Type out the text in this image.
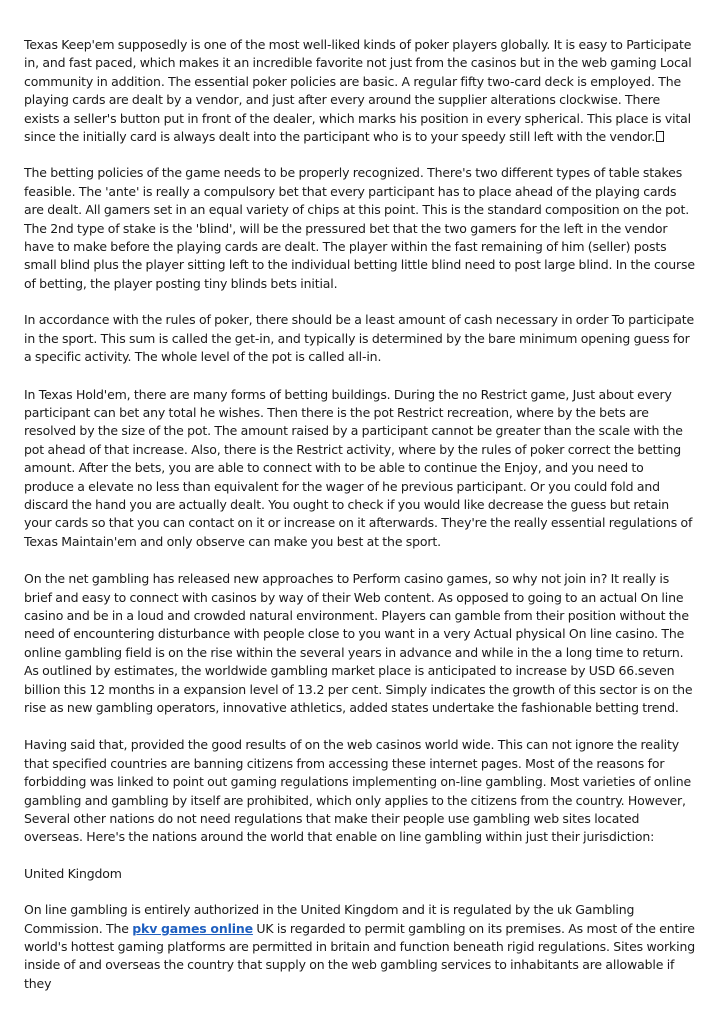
Texas Keep'em supposedly is one of the most well-liked kinds of poker players globally. It is easy to Participate in, and fast paced, which makes it an incredible favorite not just from the casinos but in the web gaming Local community in addition. The essential poker policies are basic. A regular fifty two-card deck is employed. The playing cards are dealt by a vendor, and just after every around the supplier alterations clockwise. There exists a seller's button put in front of the dealer, which marks his position in every spherical. This place is vital since the initially card is always dealt into the participant who is to your speedy still left with the vendor.

The betting policies of the game needs to be properly recognized. There's two different types of table stakes feasible. The 'ante' is really a compulsory bet that every participant has to place ahead of the playing cards are dealt. All gamers set in an equal variety of chips at this point. This is the standard composition on the pot. The 2nd type of stake is the 'blind', will be the pressured bet that the two gamers for the left in the vendor have to make before the playing cards are dealt. The player within the fast remaining of him (seller) posts small blind plus the player sitting left to the individual betting little blind need to post large blind. In the course of betting, the player posting tiny blinds bets initial.

In accordance with the rules of poker, there should be a least amount of cash necessary in order To participate in the sport. This sum is called the get-in, and typically is determined by the bare minimum opening guess for a specific activity. The whole level of the pot is called all-in.

In Texas Hold'em, there are many forms of betting buildings. During the no Restrict game, Just about every participant can bet any total he wishes. Then there is the pot Restrict recreation, where by the bets are resolved by the size of the pot. The amount raised by a participant cannot be greater than the scale with the pot ahead of that increase. Also, there is the Restrict activity, where by the rules of poker correct the betting amount. After the bets, you are able to connect with to be able to continue the Enjoy, and you need to produce a elevate no less than equivalent for the wager of he previous participant. Or you could fold and discard the hand you are actually dealt. You ought to check if you would like decrease the guess but retain your cards so that you can contact on it or increase on it afterwards. They're the really essential regulations of Texas Maintain'em and only observe can make you best at the sport.

On the net gambling has released new approaches to Perform casino games, so why not join in? It really is brief and easy to connect with casinos by way of their Web content. As opposed to going to an actual On line casino and be in a loud and crowded natural environment. Players can gamble from their position without the need of encountering disturbance with people close to you want in a very Actual physical On line casino. The online gambling field is on the rise within the several years in advance and while in the a long time to return. As outlined by estimates, the worldwide gambling market place is anticipated to increase by USD 66.seven billion this 12 months in a expansion level of 13.2 per cent. Simply indicates the growth of this sector is on the rise as new gambling operators, innovative athletics, added states undertake the fashionable betting trend.

Having said that, provided the good results of on the web casinos world wide. This can not ignore the reality that specified countries are banning citizens from accessing these internet pages. Most of the reasons for forbidding was linked to point out gaming regulations implementing on-line gambling. Most varieties of online gambling and gambling by itself are prohibited, which only applies to the citizens from the country. However, Several other nations do not need regulations that make their people use gambling web sites located overseas. Here's the nations around the world that enable on line gambling within just their jurisdiction:

United Kingdom

On line gambling is entirely authorized in the United Kingdom and it is regulated by the uk Gambling Commission. The pkv games online UK is regarded to permit gambling on its premises. As most of the entire world's hottest gaming platforms are permitted in britain and function beneath rigid regulations. Sites working inside of and overseas the country that supply on the web gambling services to inhabitants are allowable if they
